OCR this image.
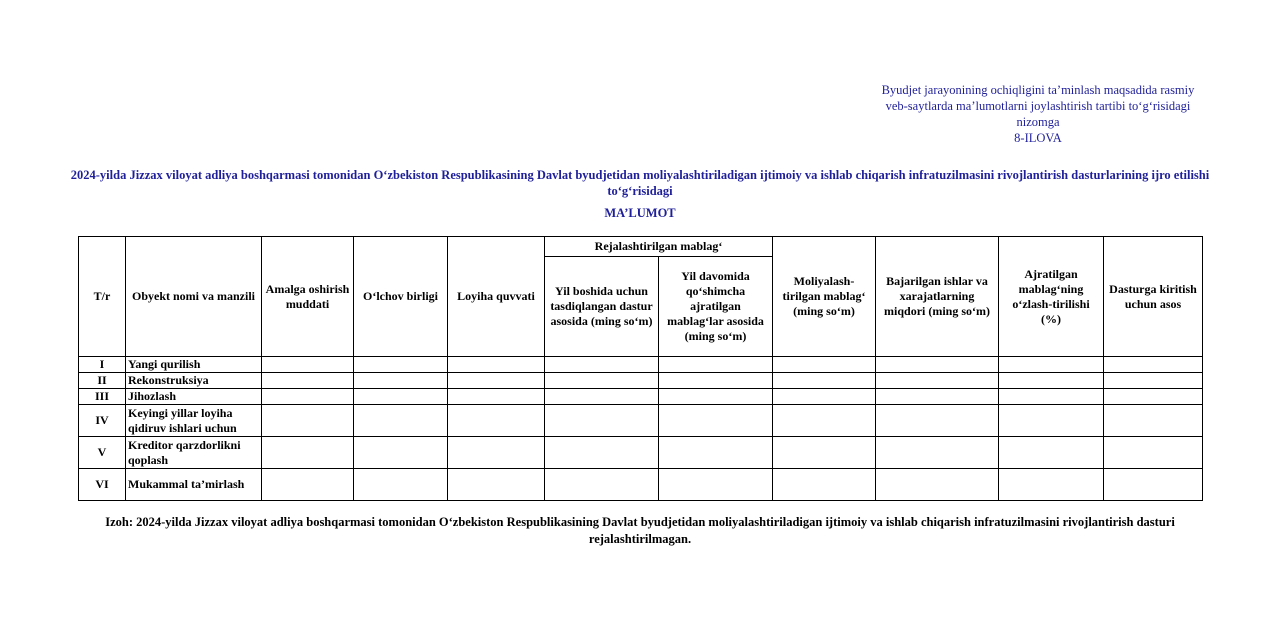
Byudjet jarayonining ochiqligini ta’minlash maqsadida rasmiy
veb-saytlarda ma’lumotlarni joylashtirish tartibi to‘g‘risidagi
nizomga
8-ILOVA
2024-yilda Jizzax viloyat adliya boshqarmasi tomonidan O‘zbekiston Respublikasining Davlat byudjetidan moliyalashtiriladigan ijtimoiy va ishlab chiqarish infratuzilmasini rivojlantirish dasturlarining ijro etilishi to‘g‘risidagi
MA’LUMOT
T/r	Obyekt nomi va manzili	Amalga oshirish muddati	O‘lchov birligi	Loyiha quvvati	Rejalashtirilgan mablag‘		Moliyalash-tirilgan mablag‘ (ming so‘m)	Bajarilgan ishlar va xarajatlarning miqdori (ming so‘m)	Ajratilgan mablag‘ning o‘zlash-tirilishi (%)	Dasturga kiritish uchun asos
					Yil boshida uchun tasdiqlangan dastur asosida (ming so‘m)	Yil davomida qo‘shimcha ajratilgan mablag‘lar asosida (ming so‘m)				
I	Yangi qurilish									
II	Rekonstruksiya									
III	Jihozlash									
IV	Keyingi yillar loyiha qidiruv ishlari uchun									
V	Kreditor qarzdorlikni qoplash									
VI	Mukammal ta’mirlash									
Izoh: 2024-yilda Jizzax viloyat adliya boshqarmasi tomonidan O‘zbekiston Respublikasining Davlat byudjetidan moliyalashtiriladigan ijtimoiy va ishlab chiqarish infratuzilmasini rivojlantirish dasturi rejalashtirilmagan.
